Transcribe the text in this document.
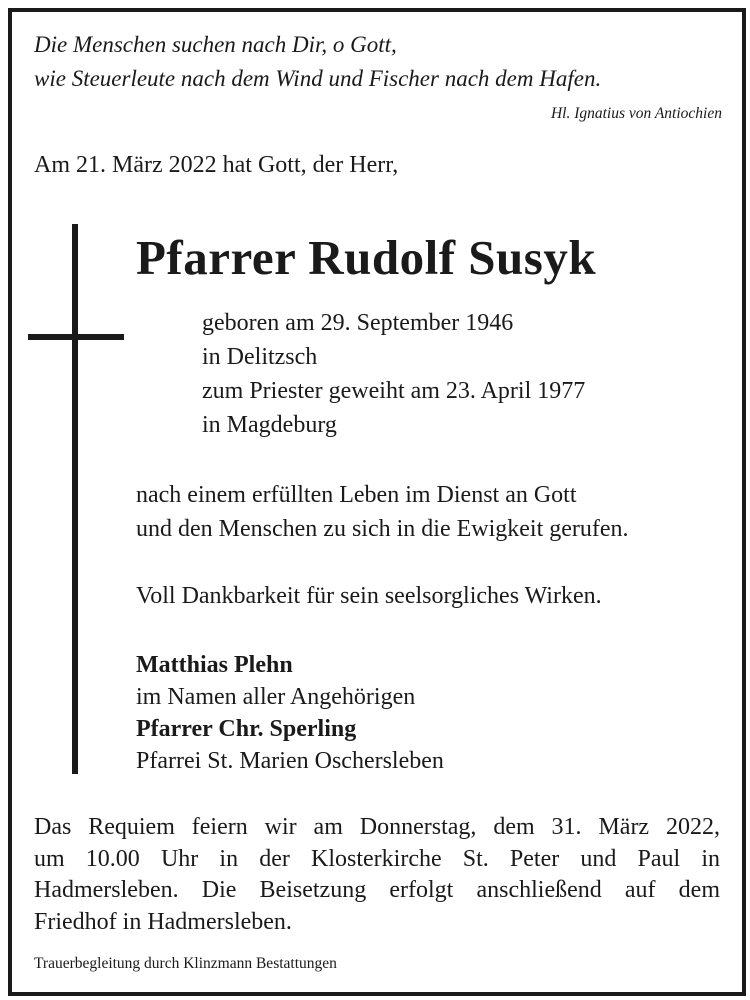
Die Menschen suchen nach Dir, o Gott,
wie Steuerleute nach dem Wind und Fischer nach dem Hafen.
Hl. Ignatius von Antiochien
Am 21. März 2022 hat Gott, der Herr,
Pfarrer Rudolf Susyk
geboren am 29. September 1946
in Delitzsch
zum Priester geweiht am 23. April 1977
in Magdeburg
nach einem erfüllten Leben im Dienst an Gott
und den Menschen zu sich in die Ewigkeit gerufen.
Voll Dankbarkeit für sein seelsorgliches Wirken.
Matthias Plehn
im Namen aller Angehörigen
Pfarrer Chr. Sperling
Pfarrei St. Marien Oschersleben
Das Requiem feiern wir am Donnerstag, dem 31. März 2022,
um 10.00 Uhr in der Klosterkirche St. Peter und Paul in
Hadmersleben. Die Beisetzung erfolgt anschließend auf dem
Friedhof in Hadmersleben.
Trauerbegleitung durch Klinzmann Bestattungen
